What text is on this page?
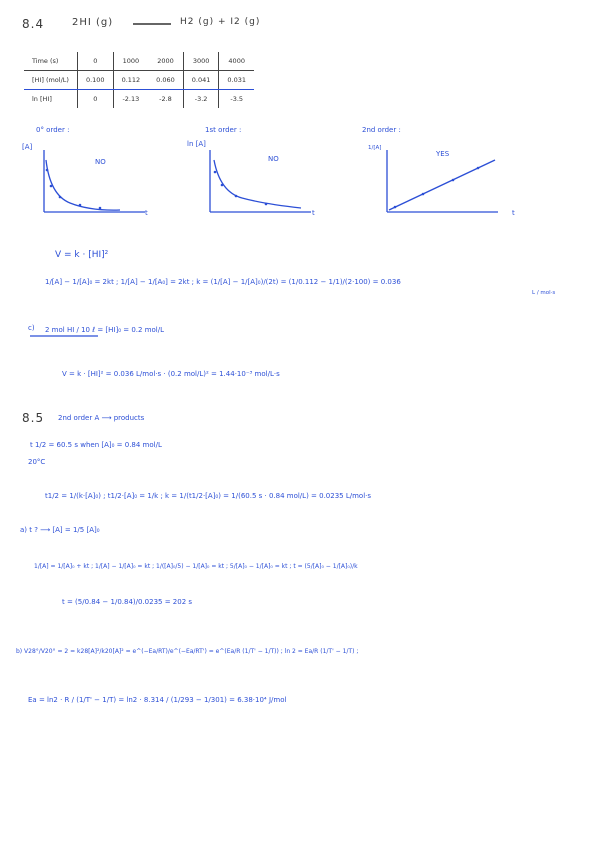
8.4	2HI (g)	H2 (g) + I2 (g)
Time (s)	0	1000	2000	3000	4000
[HI] (mol/L)	0.100	0.112	0.060	0.041	0.031
ln [HI]	0	-2.13	-2.8	-3.2	-3.5
0° order :
[A]
NO
t
1st order :
ln [A]
NO
t
2nd order :
1/[A]
YES
t
V = k · [HI]²
1/[A] − 1/[A]₀ = 2kt ; 1/[A] − 1/[A₀] = 2kt ; k = (1/[A] − 1/[A]₀)/(2t) = (1/0.112 − 1/1)/(2·100) = 0.036
L / mol·s
c) 2 mol HI / 10 ℓ = [HI]₀ = 0.2 mol/L
V = k · [HI]² = 0.036 L/mol·s · (0.2 mol/L)² = 1.44·10⁻³ mol/L·s
8.5 2nd order A ⟶ products
t 1/2 = 60.5 s when [A]₀ = 0.84 mol/L
20°C
t1/2 = 1/(k·[A]₀) ; t1/2·[A]₀ = 1/k ; k = 1/(t1/2·[A]₀) = 1/(60.5 s · 0.84 mol/L) = 0.0235 L/mol·s
a) t ? ⟶ [A] = 1/5 [A]₀
1/[A] = 1/[A]₀ + kt ; 1/[A] − 1/[A]₀ = kt ; 1/([A]₀/5) − 1/[A]₀ = kt ; 5/[A]₀ − 1/[A]₀ = kt ; t = (5/[A]₀ − 1/[A]₀)/k
t = (5/0.84 − 1/0.84)/0.0235 = 202 s
b) V28°/V20° = 2 = k28[A]²/k20[A]² = e^(−Ea/RT)/e^(−Ea/RT') = e^(Ea/R (1/T' − 1/T)) ; ln 2 = Ea/R (1/T' − 1/T) ;
Ea = ln2 · R / (1/T' − 1/T) = ln2 · 8.314 / (1/293 − 1/301) = 6.38·10⁴ J/mol
